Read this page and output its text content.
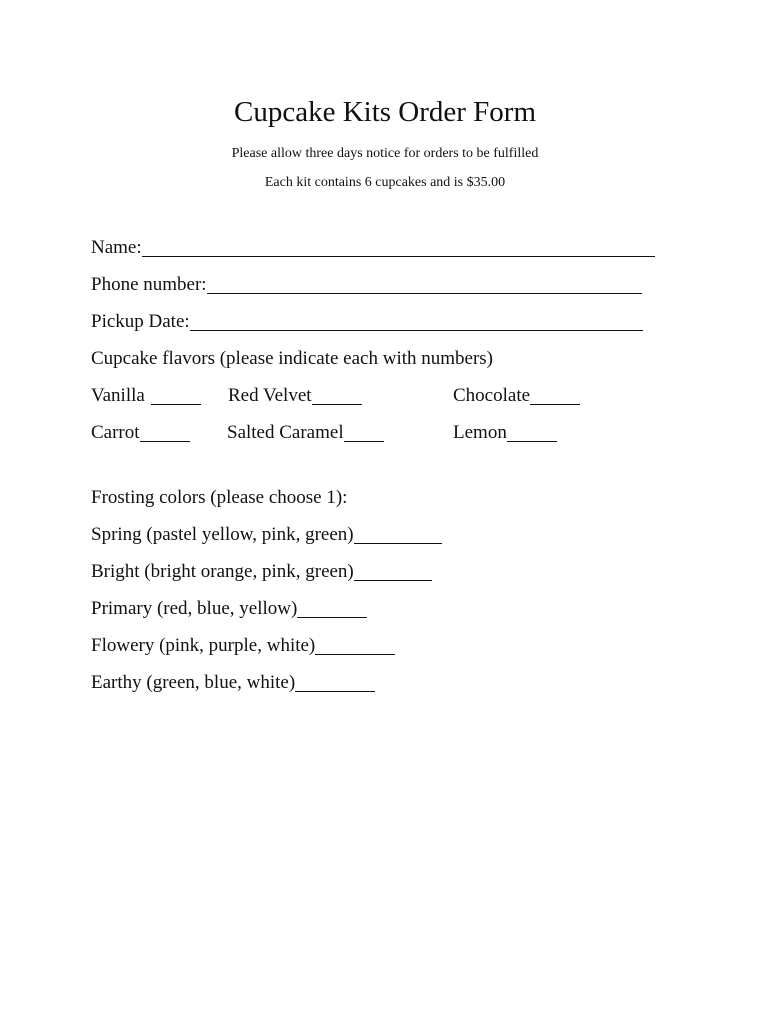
Cupcake Kits Order Form
Please allow three days notice for orders to be fulfilled
Each kit contains 6 cupcakes and is $35.00
Name:
Phone number:
Pickup Date:
Cupcake flavors (please indicate each with numbers)
Vanilla	Red Velvet	Chocolate
Carrot	Salted Caramel	Lemon
Frosting colors (please choose 1):
Spring (pastel yellow, pink, green)
Bright (bright orange, pink, green)
Primary (red, blue, yellow)
Flowery (pink, purple, white)
Earthy (green, blue, white)
